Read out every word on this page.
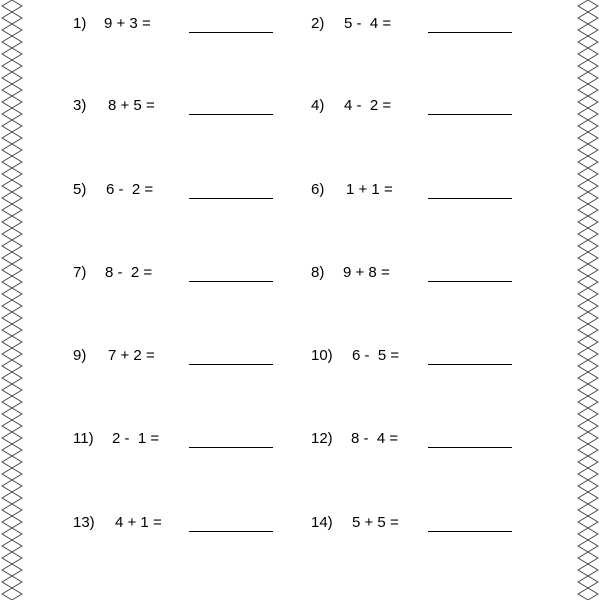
1) 9 + 3 =	2) 5 -  4 =
3) 8 + 5 =	4) 4 -  2 =
5) 6 -  2 =	6) 1 + 1 =
7) 8 -  2 =	8) 9 + 8 =
9) 7 + 2 =	10) 6 -  5 =
11) 2 -  1 =	12) 8 -  4 =
13) 4 + 1 =	14) 5 + 5 =
